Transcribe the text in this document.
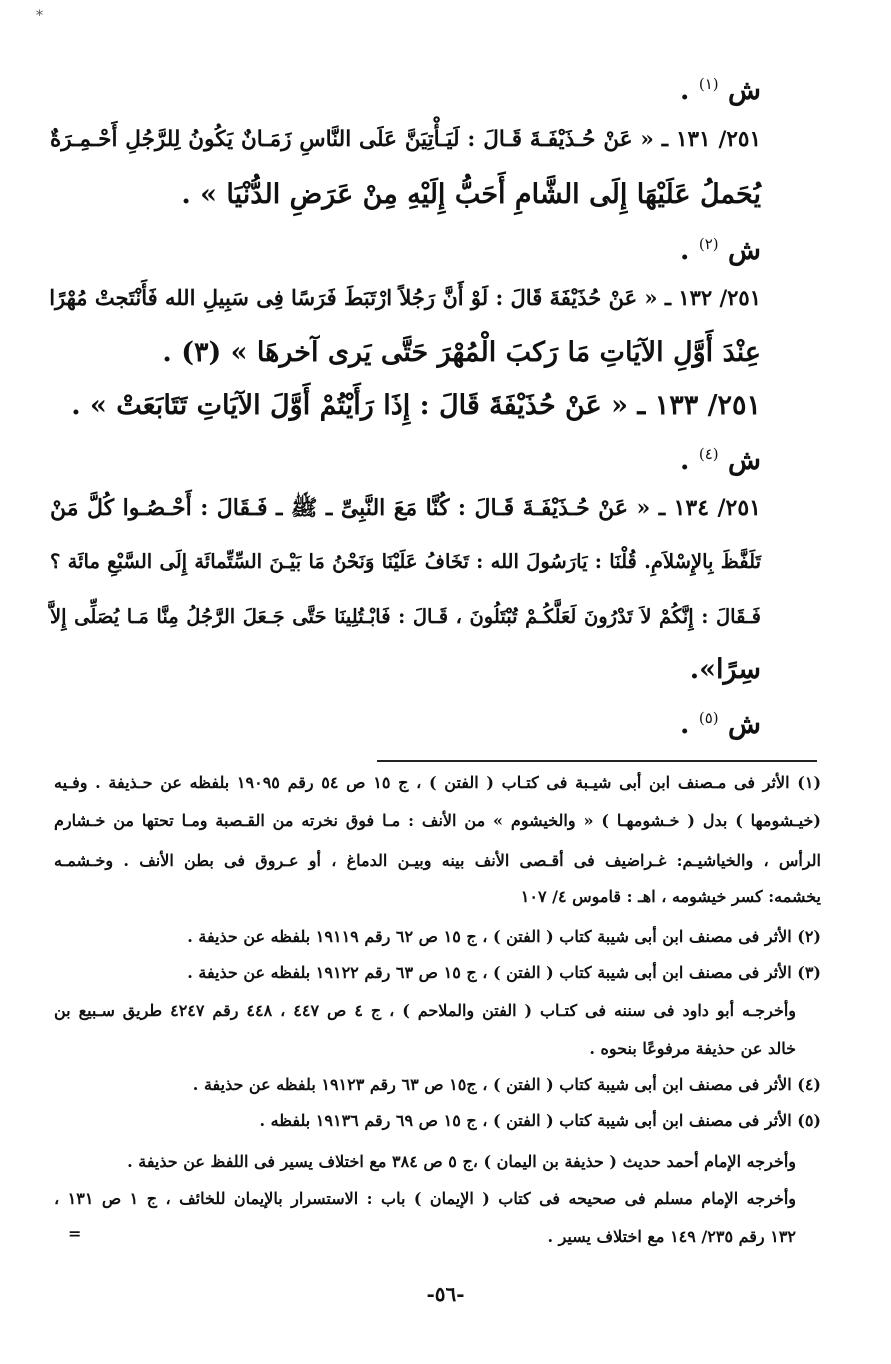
*
ش $^{(١)}$ .
٢٥١/ ١٣١ ـ « عَنْ حُـذَيْفَـةَ قَـالَ : لَيَـأْتِيَنَّ عَلَى النَّاسِ زَمَـانٌ يَكُونُ لِلرَّجُلِ أَحْـمِـرَةٌ
يُحَملُ عَلَيْهَا إِلَى الشَّامِ أَحَبُّ إِلَيْهِ مِنْ عَرَضِ الدُّنْيَا » .
ش $^{(٢)}$ .
٢٥١/ ١٣٢ ـ « عَنْ حُذَيْفَةَ قَالَ : لَوْ أَنَّ رَجُلاً ارْتَبَطَ فَرَسًا فِى سَبِيلِ الله فَأَنْتَجتْ مُهْرًا
عِنْدَ أَوَّلِ الآيَاتِ مَا رَكبَ الْمُهْرَ حَتَّى يَرى آخرهَا » (٣) .
٢٥١/ ١٣٣ ـ « عَنْ حُذَيْفَةَ قَالَ : إِذَا رَأَيْتُمْ أَوَّلَ الآيَاتِ تَتَابَعَتْ » .
ش $^{(٤)}$ .
٢٥١/ ١٣٤ ـ « عَنْ حُـذَيْفَـةَ قَـالَ : كُنَّا مَعَ النَّبِىِّ ـ ﷺ ـ فَـقَالَ : أَحْـصُـوا كُلَّ مَنْ
تَلَفَّظَ بِالإِسْلاَمِ. قُلْنَا : يَارَسُولَ الله : تَخَافُ عَلَيْنَا وَنَحْنُ مَا بَيْـنَ السِّتِّمائَة إِلَى السَّبْعِ مائَة ؟
فَـقَالَ : إِنَّكُمْ لاَ تَدْرُونَ لَعَلَّكُـمْ تُبْتَلُونَ ، قَـالَ : فَابْـتُلِينَا حَتَّى جَـعَلَ الرَّجُلُ مِنَّا مَـا يُصَلِّى إِلاَّ
سِرًا».
ش $^{(٥)}$ .
(١) الأثر فى مـصنف ابن أبى شيـبة فى كتـاب ( الفتن ) ، ج ١٥ ص ٥٤ رقم ١٩٠٩٥ بلفظه عن حـذيفة . وفـيه
(خيـشومها ) بدل ( خـشومهـا ) « والخيشوم » من الأنف : مـا فوق نخرته من القـصبة ومـا تحتها من خـشارم
الرأس ، والخياشيـم: غـراضيف فى أقـصى الأنف بينه وبيـن الدماغ ، أو عـروق فى بطن الأنف . وخـشمـه
يخشمه: كسر خيشومه ، اهـ : قاموس ٤/ ١٠٧
(٢) الأثر فى مصنف ابن أبى شيبة كتاب ( الفتن ) ، ج ١٥ ص ٦٢ رقم ١٩١١٩ بلفظه عن حذيفة .
(٣) الأثر فى مصنف ابن أبى شيبة كتاب ( الفتن ) ، ج ١٥ ص ٦٣ رقم ١٩١٢٢ بلفظه عن حذيفة .
وأخرجـه أبو داود فى سننه فى كتـاب ( الفتن والملاحم ) ، ج ٤ ص ٤٤٧ ، ٤٤٨ رقم ٤٢٤٧ طريق سـبيع بن
خالد عن حذيفة مرفوعًا بنحوه .
(٤) الأثر فى مصنف ابن أبى شيبة كتاب ( الفتن ) ، ج١٥ ص ٦٣ رقم ١٩١٢٣ بلفظه عن حذيفة .
(٥) الأثر فى مصنف ابن أبى شيبة كتاب ( الفتن ) ، ج ١٥ ص ٦٩ رقم ١٩١٣٦ بلفظه .
وأخرجه الإمام أحمد حديث ( حذيفة بن اليمان ) ،ج ٥ ص ٣٨٤ مع اختلاف يسير فى اللفظ عن حذيفة .
وأخرجه الإمام مسلم فى صحيحه فى كتاب ( الإيمان ) باب : الاستسرار بالإيمان للخائف ، ج ١ ص ١٣١ ،
١٣٢ رقم ٢٣٥/ ١٤٩ مع اختلاف يسير .
=
-٥٦-
